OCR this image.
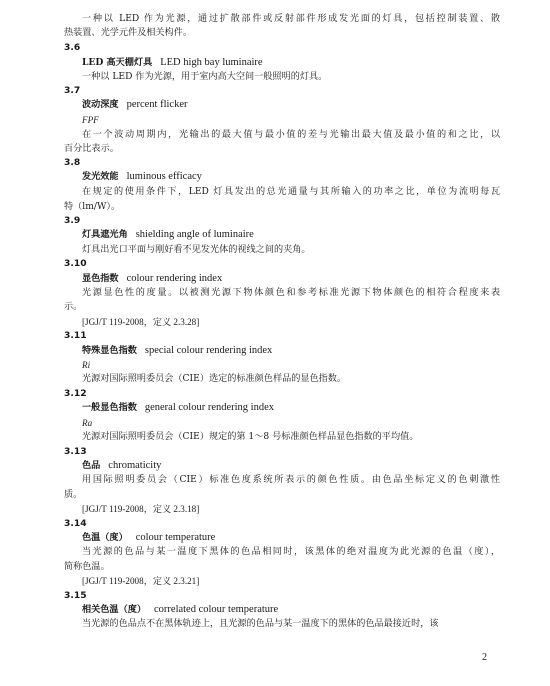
2
一种以 LED 作为光源，通过扩散部件或反射部件形成发光面的灯具，包括控制装置、散
热装置、光学元件及相关构件。
3.6
LED 高天棚灯具 LED high bay luminaire
一种以 LED 作为光源，用于室内高大空间一般照明的灯具。
3.7
波动深度 percent flicker
FPF
在一个波动周期内，光输出的最大值与最小值的差与光输出最大值及最小值的和之比，以
百分比表示。
3.8
发光效能 luminous efficacy
在规定的使用条件下，LED 灯具发出的总光通量与其所输入的功率之比，单位为流明每瓦
特（lm/W）。
3.9
灯具遮光角 shielding angle of luminaire
灯具出光口平面与刚好看不见发光体的视线之间的夹角。
3.10
显色指数 colour rendering index
光源显色性的度量。以被测光源下物体颜色和参考标准光源下物体颜色的相符合程度来表
示。
[JGJ/T 119-2008，定义 2.3.28]
3.11
特殊显色指数 special colour rendering index
Ri
光源对国际照明委员会（CIE）选定的标准颜色样品的显色指数。
3.12
一般显色指数 general colour rendering index
Ra
光源对国际照明委员会（CIE）规定的第 1～8 号标准颜色样品显色指数的平均值。
3.13
色品 chromaticity
用国际照明委员会（CIE）标准色度系统所表示的颜色性质。由色品坐标定义的色刺激性
质。
[JGJ/T 119-2008，定义 2.3.18]
3.14
色温（度） colour temperature
当光源的色品与某一温度下黑体的色品相同时，该黑体的绝对温度为此光源的色温（度），
简称色温。
[JGJ/T 119-2008，定义 2.3.21]
3.15
相关色温（度） correlated colour temperature
当光源的色品点不在黑体轨迹上，且光源的色品与某一温度下的黑体的色品最接近时，该
